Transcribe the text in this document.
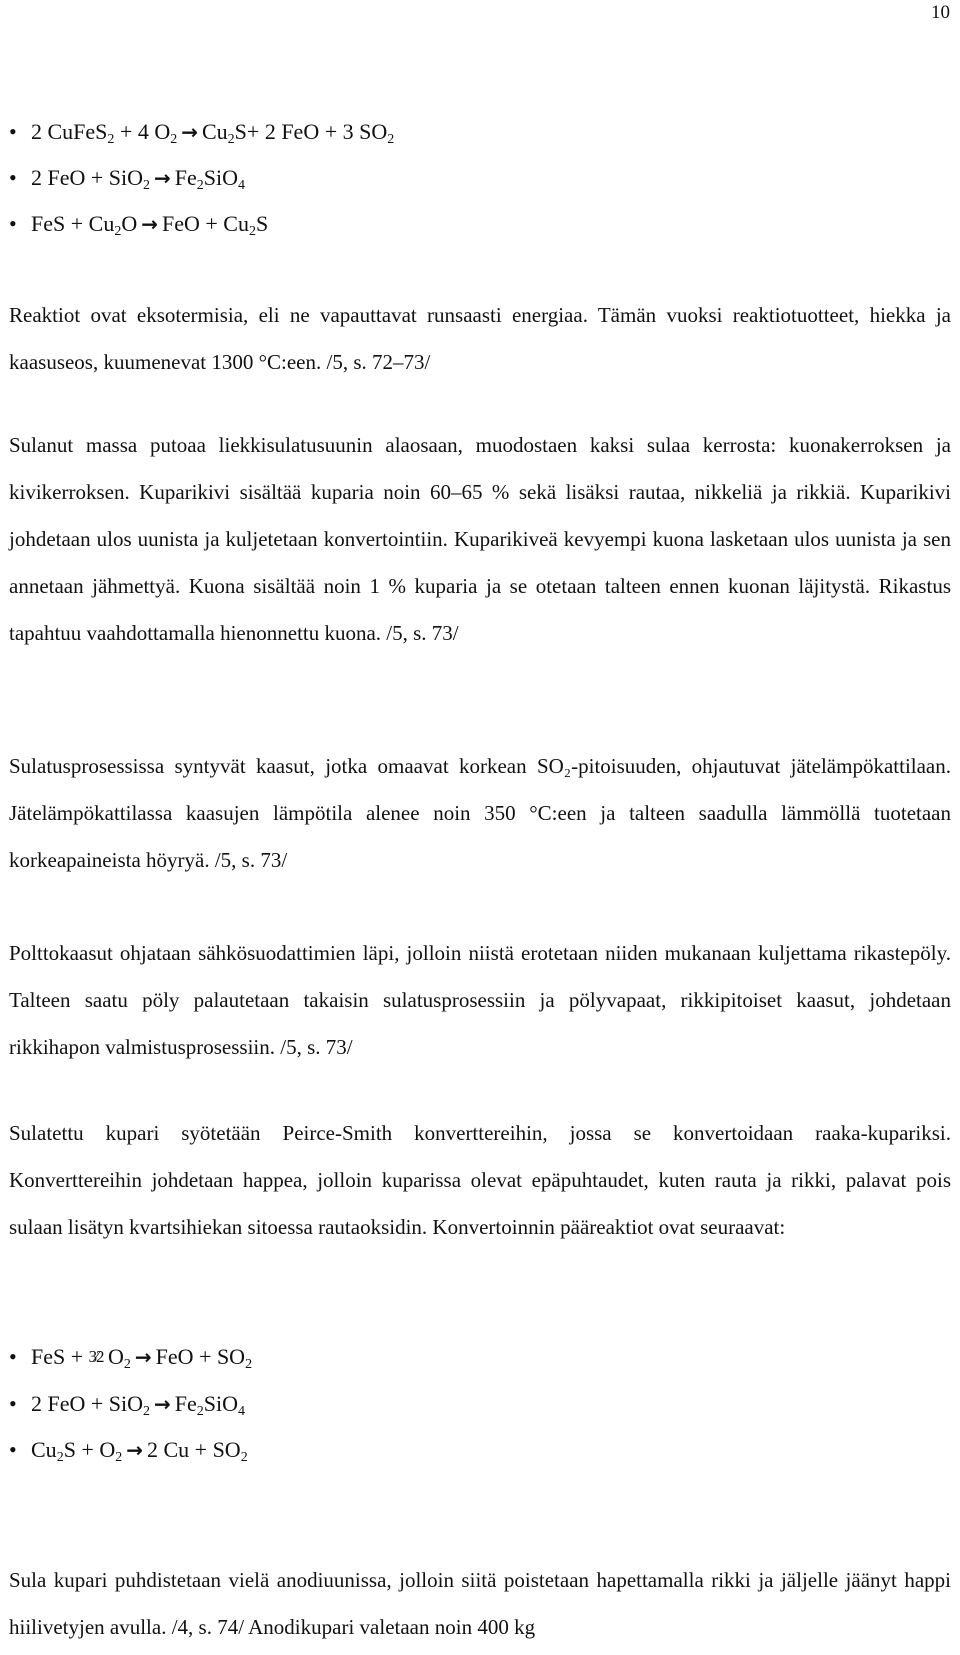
10
• 2 CuFeS$_2$ + 4 $O_2 \to Cu_2S+ 2$ FeO + 3 $SO_2$
• 2 FeO + $SiO_2 \to Fe_2SiO_4$
• FeS + $Cu_2O$ → FeO + $Cu_2S$

Reaktiot ovat eksotermisia, eli ne vapauttavat runsaasti energiaa. Tämän vuoksi reaktiotuotteet, hiekka ja kaasuseos, kuumenevat 1300 °C:een. /5, s. 72–73/

Sulanut massa putoaa liekkisulatusuunin alaosaan, muodostaen kaksi sulaa kerrosta: kuonakerroksen ja kivikerroksen. Kuparikivi sisältää kuparia noin 60–65 % sekä lisäksi rautaa, nikkeliä ja rikkiä. Kuparikivi johdetaan ulos uunista ja kuljetetaan konvertointiin. Kuparikiveä kevyempi kuona lasketaan ulos uunista ja sen annetaan jähmettyä. Kuona sisältää noin 1 % kuparia ja se otetaan talteen ennen kuonan läjitystä. Rikastus tapahtuu vaahdottamalla hienonnettu kuona. /5, s. 73/

Sulatusprosessissa syntyvät kaasut, jotka omaavat korkean SO₂-pitoisuuden, ohjautuvat jätelämpökattilaan. Jätelämpökattilassa kaasujen lämpötila alenee noin 350 °C:een ja talteen saadulla lämmöllä tuotetaan korkeapaineista höyryä. /5, s. 73/

Polttokaasut ohjataan sähkösuodattimien läpi, jolloin niistä erotetaan niiden mukanaan kuljettama rikastepöly. Talteen saatu pöly palautetaan takaisin sulatusprosessiin ja pölyvapaat, rikkipitoiset kaasut, johdetaan rikkihapon valmistusprosessiin. /5, s. 73/

Sulatettu kupari syötetään Peirce-Smith konverttereihin, jossa se konvertoidaan raaka-kupariksi. Konverttereihin johdetaan happea, jolloin kuparissa olevat epäpuhtaudet, kuten rauta ja rikki, palavat pois sulaan lisätyn kvartsihiekan sitoessa rautaoksidin. Konvertoinnin pääreaktiot ovat seuraavat:

• FeS + 3⁄2 $O_2$ → FeO + $SO_2$
• 2 FeO + $SiO_2 \to Fe_2SiO_4$
• $Cu_2S + O_2 \to 2$ $Cu + SO_2$

Sula kupari puhdistetaan vielä anodiuunissa, jolloin siitä poistetaan hapettamalla rikki ja jäljelle jäänyt happi hiilivetyjen avulla. /4, s. 74/ Anodikupari valetaan noin 400 kg
